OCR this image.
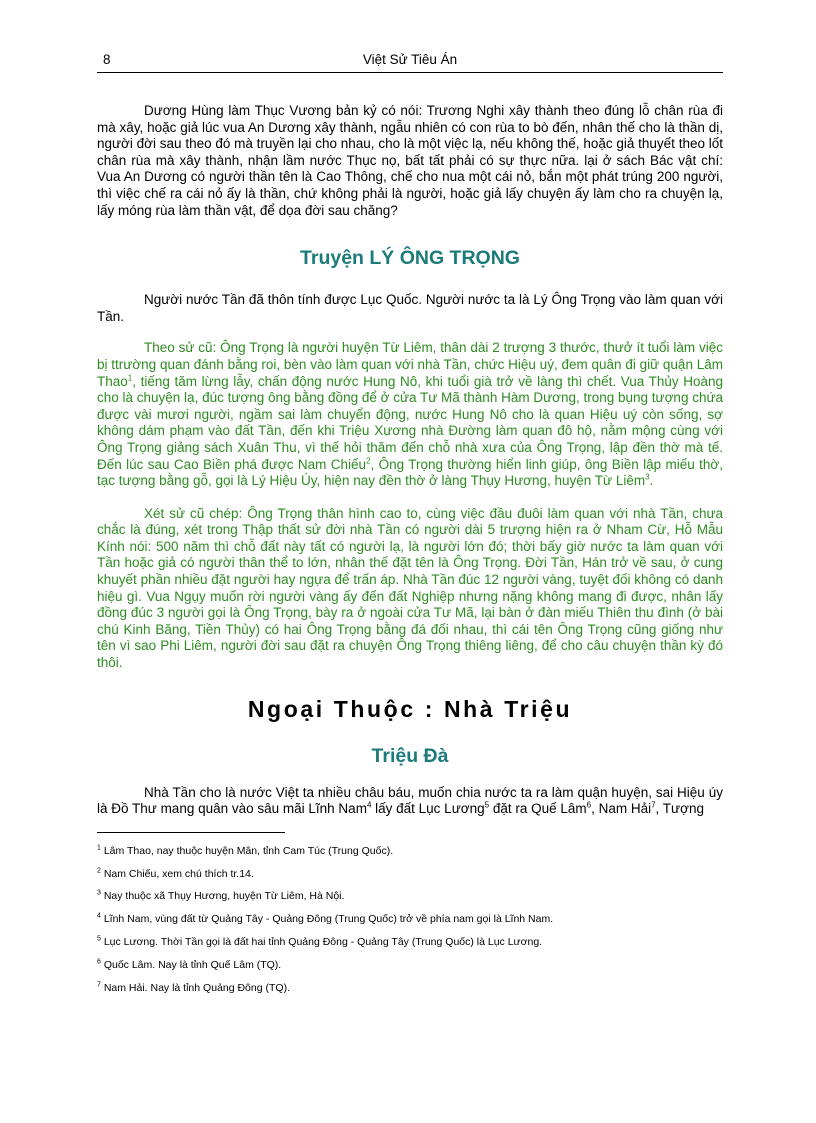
8	Việt Sử Tiêu Án

Dương Hùng làm Thục Vương bản kỷ có nói: Trương Nghi xây thành theo đúng lỗ chân rùa đi mà xây, hoặc giả lúc vua An Dương xây thành, ngẫu nhiên có con rùa to bò đến, nhân thế cho là thần dị, người đời sau theo đó mà truyền lại cho nhau, cho là một việc lạ, nếu không thế, hoặc giả thuyết theo lốt chân rùa mà xây thành, nhận lầm nước Thục nọ, bất tất phải có sự thực nữa. lại ở sách Bác vật chí: Vua An Dương có người thần tên là Cao Thông, chế cho nua một cái nỏ, bắn một phát trúng 200 người, thì việc chế ra cái nỏ ấy là thần, chứ không phải là người, hoặc giả lấy chuyện ấy làm cho ra chuyện lạ, lấy móng rùa làm thần vật, để dọa đời sau chăng?

Truyện LÝ ÔNG TRỌNG

Người nước Tần đã thôn tính được Lục Quốc. Người nước ta là Lý Ông Trọng vào làm quan với Tần.

Theo sử cũ: Ông Trọng là người huyện Từ Liêm, thân dài 2 trượng 3 thước, thưở ít tuổi làm việc bị ttrường quan đánh bằng roi, bèn vào làm quan với nhà Tần, chức Hiệu uý, đem quân đi giữ quận Lâm Thao$^1$, tiếng tăm lừng lẫy, chấn động nước Hung Nô, khi tuổi già trở về làng thì chết. Vua Thủy Hoàng cho là chuyện lạ, đúc tượng ông bằng đồng để ở cửa Tư Mã thành Hàm Dương, trong bụng tượng chứa được vài mươi người, ngầm sai làm chuyển động, nước Hung Nô cho là quan Hiệu uý còn sống, sợ không dám phạm vào đất Tần, đến khi Triệu Xương nhà Đường làm quan đô hộ, nằm mộng cùng với Ông Trọng giảng sách Xuân Thu, vì thế hỏi thăm đến chỗ nhà xưa của Ông Trọng, lập đền thờ mà tế. Đến lúc sau Cao Biền phá được Nam Chiếu$^2$, Ông Trọng thường hiển linh giúp, ông Biền lập miếu thờ, tạc tượng bằng gỗ, gọi là Lý Hiệu Úy, hiện nay đền thờ ở làng Thụy Hương, huyện Từ Liêm$^3$.

Xét sử cũ chép: Ông Trọng thân hình cao to, cùng việc đầu đuôi làm quan với nhà Tần, chưa chắc là đúng, xét trong Thập thất sử đời nhà Tần có người dài 5 trượng hiện ra ở Nham Cừ, Hỗ Mẫu Kính nói: 500 năm thì chỗ đất này tất có người lạ, là người lớn đó; thời bấy giờ nước ta làm quan với Tần hoặc giả có người thân thể to lớn, nhân thế đặt tên là Ông Trọng. Đời Tần, Hán trở về sau, ở cung khuyết phần nhiều đặt người hay ngựa để trấn áp. Nhà Tần đúc 12 người vàng, tuyệt đối không có danh hiệu gì. Vua Ngụy muốn rời người vàng ấy đến đất Nghiệp nhưng nặng không mang đi được, nhân lấy đồng đúc 3 người gọi là Ông Trọng, bày ra ở ngoài cửa Tư Mã, lại bàn ở đàn miếu Thiên thu đình (ở bài chú Kinh Băng, Tiền Thủy) có hai Ông Trọng bằng đá đối nhau, thì cái tên Ông Trọng cũng giống như tên vì sao Phi Liêm, người đời sau đặt ra chuyện Ông Trọng thiêng liêng, để cho câu chuyện thần kỳ đó thôi.

Ngoại Thuộc : Nhà Triệu
Triệu Đà

Nhà Tần cho là nước Việt ta nhiều châu báu, muốn chia nước ta ra làm quận huyện, sai Hiệu úy là Đồ Thư mang quân vào sâu mãi Lĩnh Nam$^4$ lấy đất Lục Lương$^5$ đặt ra Quế Lâm$^6$, Nam Hải$^7$, Tượng

$^1$ Lâm Thao, nay thuộc huyện Mân, tỉnh Cam Túc (Trung Quốc).
$^2$ Nam Chiếu, xem chú thích tr.14.
$^3$ Nay thuộc xã Thụy Hương, huyện Từ Liêm, Hà Nội.
$^4$ Lĩnh Nam, vùng đất từ Quảng Tây - Quảng Đông (Trung Quốc) trở về phía nam gọi là Lĩnh Nam.
$^5$ Lục Lương. Thời Tần gọi là đất hai tỉnh Quảng Đông - Quảng Tây (Trung Quốc) là Lục Lương.
$^6$ Quốc Lâm. Nay là tỉnh Quế Lâm (TQ).
$^7$ Nam Hải. Nay là tỉnh Quảng Đông (TQ).
